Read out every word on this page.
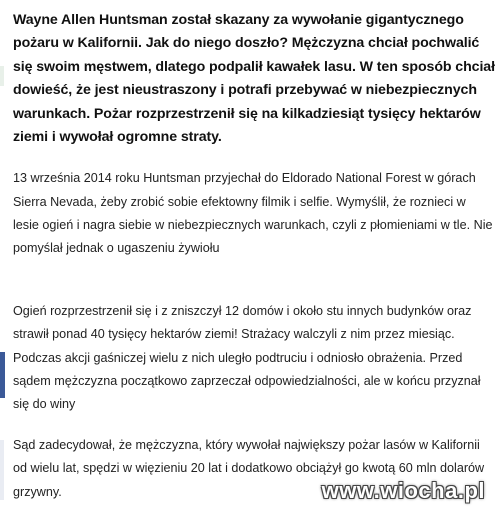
Wayne Allen Huntsman został skazany za wywołanie gigantycznego pożaru w Kalifornii. Jak do niego doszło? Mężczyzna chciał pochwalić się swoim męstwem, dlatego podpalił kawałek lasu. W ten sposób chciał dowieść, że jest nieustraszony i potrafi przebywać w niebezpiecznych warunkach. Pożar rozprzestrzenił się na kilkadziesiąt tysięcy hektarów ziemi i wywołał ogromne straty.

13 września 2014 roku Huntsman przyjechał do Eldorado National Forest w górach Sierra Nevada, żeby zrobić sobie efektowny filmik i selfie. Wymyślił, że roznieci w lesie ogień i nagra siebie w niebezpiecznych warunkach, czyli z płomieniami w tle. Nie pomyślał jednak o ugaszeniu żywiołu

Ogień rozprzestrzenił się i z zniszczył 12 domów i około stu innych budynków oraz strawił ponad 40 tysięcy hektarów ziemi! Strażacy walczyli z nim przez miesiąc. Podczas akcji gaśniczej wielu z nich uległo podtruciu i odniosło obrażenia. Przed sądem mężczyzna początkowo zaprzeczał odpowiedzialności, ale w końcu przyznał się do winy

Sąd zadecydował, że mężczyzna, który wywołał największy pożar lasów w Kalifornii od wielu lat, spędzi w więzieniu 20 lat i dodatkowo obciążył go kwotą 60 mln dolarów grzywny.	www.wiocha.pl
